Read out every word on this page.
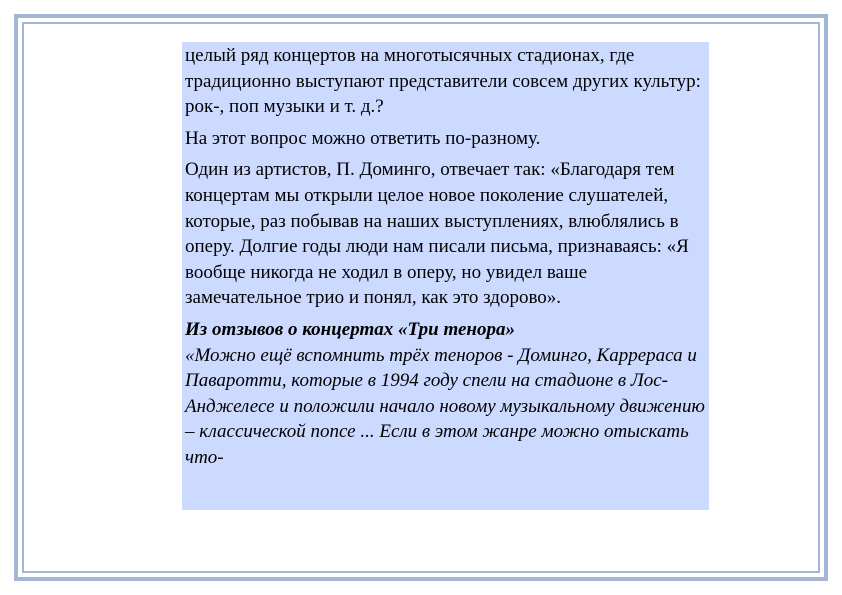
целый ряд концертов на многотысячных стадионах, где традиционно выступают представители совсем других культур: рок-, поп музыки и т. д.?

На этот вопрос можно ответить по-разному.

Один из артистов, П. Доминго, отвечает так: «Благодаря тем концертам мы открыли целое новое поколение слушателей, которые, раз побывав на наших выступлениях, влюблялись в оперу. Долгие годы люди нам писали письма, признаваясь: «Я вообще никогда не ходил в оперу, но увидел ваше замечательное трио и понял, как это здорово».

Из отзывов о концертах «Три тенора»

«Можно ещё вспомнить трёх теноров - Доминго, Каррераса и Паваротти, которые в 1994 году спели на стадионе в Лос-Анджелесе и положили начало новому музыкальному движению – классической попсе ... Если в этом жанре можно отыскать что-
